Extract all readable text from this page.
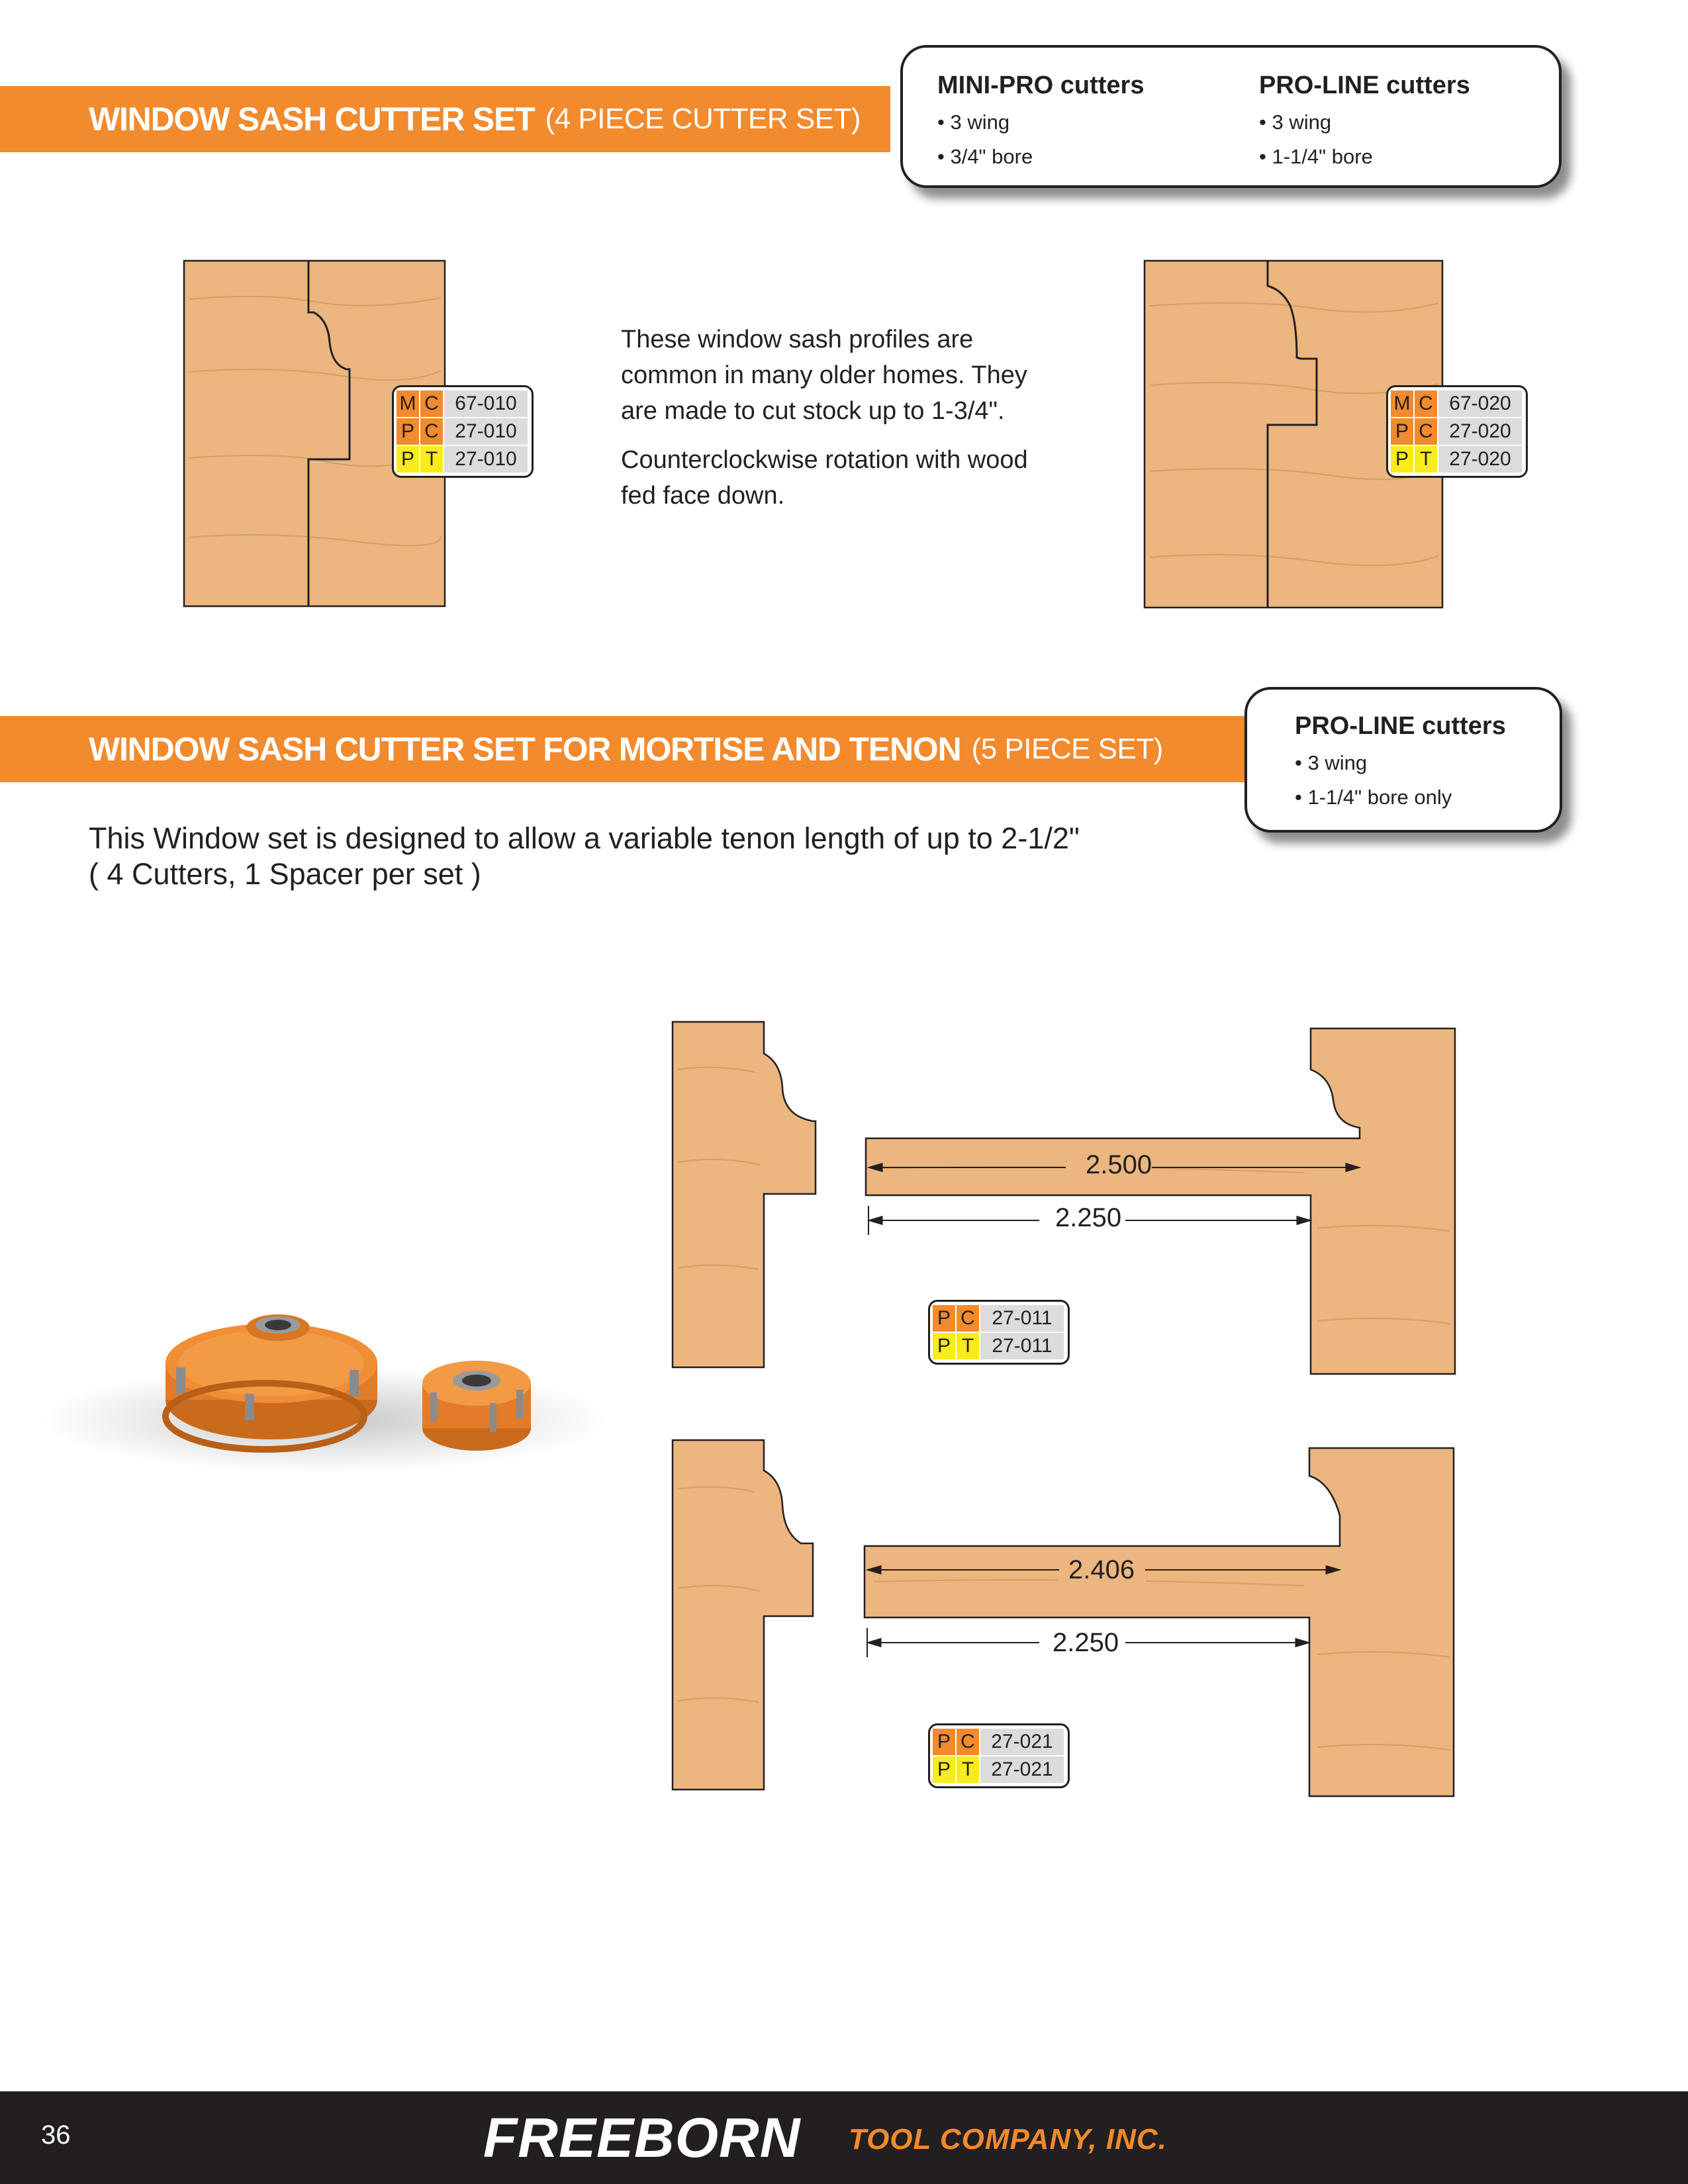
WINDOW SASH CUTTER SET (4 PIECE CUTTER SET)
MINI-PRO cutters
• 3 wing
• 3/4" bore
PRO-LINE cutters
• 3 wing
• 1-1/4" bore
M C 67-010
P C 27-010
P T 27-010
These window sash profiles are
common in many older homes. They
are made to cut stock up to 1-3/4".
Counterclockwise rotation with wood
fed face down.
M C 67-020
P C 27-020
P T 27-020
WINDOW SASH CUTTER SET FOR MORTISE AND TENON (5 PIECE SET)
PRO-LINE cutters
• 3 wing
• 1-1/4" bore only
This Window set is designed to allow a variable tenon length of up to 2-1/2"
( 4 Cutters, 1 Spacer per set )
2.500
2.250
P C 27-011
P T 27-011
2.406
2.250
P C 27-021
P T 27-021
36	FREEBORN TOOL COMPANY, INC.
